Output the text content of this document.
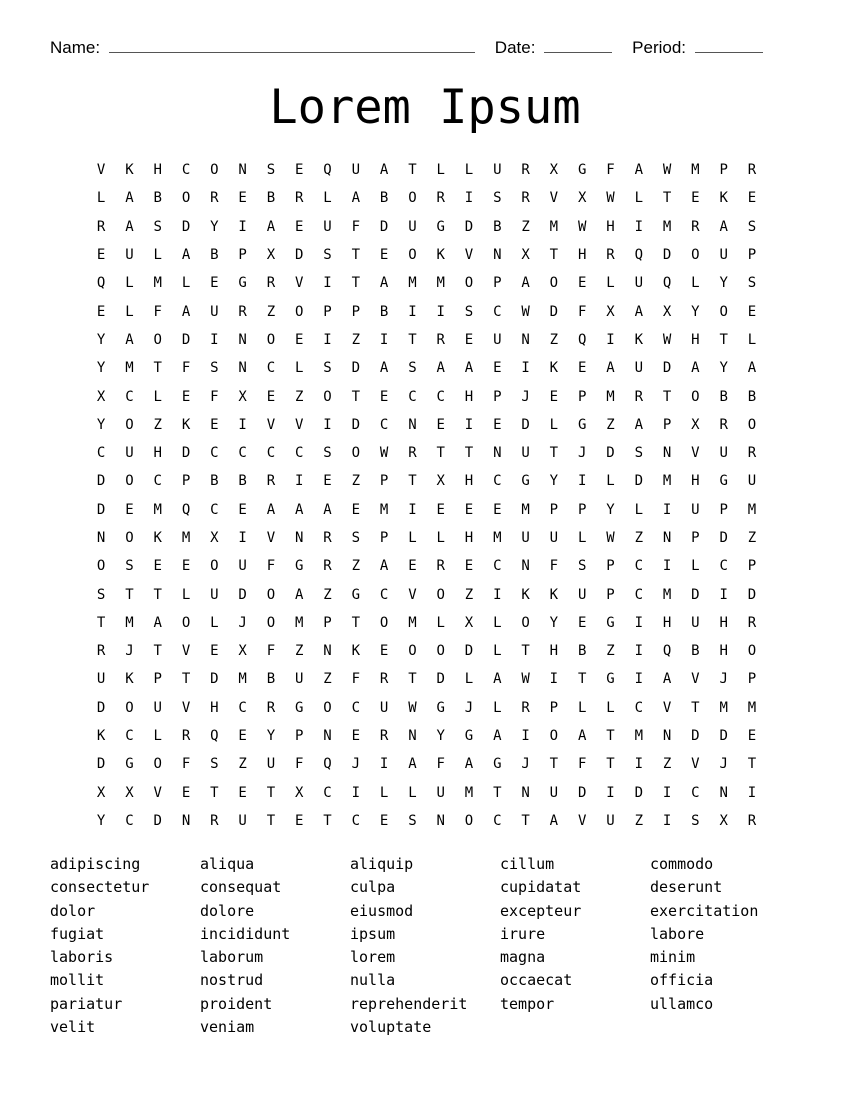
Name:	Date:	Period:
Lorem Ipsum
V	K	H	C	O	N	S	E	Q	U	A	T	L	L	U	R	X	G	F	A	W	M	P	R
L	A	B	O	R	E	B	R	L	A	B	O	R	I	S	R	V	X	W	L	T	E	K	E
R	A	S	D	Y	I	A	E	U	F	D	U	G	D	B	Z	M	W	H	I	M	R	A	S
E	U	L	A	B	P	X	D	S	T	E	O	K	V	N	X	T	H	R	Q	D	O	U	P
Q	L	M	L	E	G	R	V	I	T	A	M	M	O	P	A	O	E	L	U	Q	L	Y	S
E	L	F	A	U	R	Z	O	P	P	B	I	I	S	C	W	D	F	X	A	X	Y	O	E
Y	A	O	D	I	N	O	E	I	Z	I	T	R	E	U	N	Z	Q	I	K	W	H	T	L
Y	M	T	F	S	N	C	L	S	D	A	S	A	A	E	I	K	E	A	U	D	A	Y	A
X	C	L	E	F	X	E	Z	O	T	E	C	C	H	P	J	E	P	M	R	T	O	B	B
Y	O	Z	K	E	I	V	V	I	D	C	N	E	I	E	D	L	G	Z	A	P	X	R	O
C	U	H	D	C	C	C	C	S	O	W	R	T	T	N	U	T	J	D	S	N	V	U	R
D	O	C	P	B	B	R	I	E	Z	P	T	X	H	C	G	Y	I	L	D	M	H	G	U
D	E	M	Q	C	E	A	A	A	E	M	I	E	E	E	M	P	P	Y	L	I	U	P	M
N	O	K	M	X	I	V	N	R	S	P	L	L	H	M	U	U	L	W	Z	N	P	D	Z
O	S	E	E	O	U	F	G	R	Z	A	E	R	E	C	N	F	S	P	C	I	L	C	P
S	T	T	L	U	D	O	A	Z	G	C	V	O	Z	I	K	K	U	P	C	M	D	I	D
T	M	A	O	L	J	O	M	P	T	O	M	L	X	L	O	Y	E	G	I	H	U	H	R
R	J	T	V	E	X	F	Z	N	K	E	O	O	D	L	T	H	B	Z	I	Q	B	H	O
U	K	P	T	D	M	B	U	Z	F	R	T	D	L	A	W	I	T	G	I	A	V	J	P
D	O	U	V	H	C	R	G	O	C	U	W	G	J	L	R	P	L	L	C	V	T	M	M
K	C	L	R	Q	E	Y	P	N	E	R	N	Y	G	A	I	O	A	T	M	N	D	D	E
D	G	O	F	S	Z	U	F	Q	J	I	A	F	A	G	J	T	F	T	I	Z	V	J	T
X	X	V	E	T	E	T	X	C	I	L	L	U	M	T	N	U	D	I	D	I	C	N	I
Y	C	D	N	R	U	T	E	T	C	E	S	N	O	C	T	A	V	U	Z	I	S	X	R
adipiscing	aliqua	aliquip	cillum	commodo
consectetur	consequat	culpa	cupidatat	deserunt
dolor	dolore	eiusmod	excepteur	exercitation
fugiat	incididunt	ipsum	irure	labore
laboris	laborum	lorem	magna	minim
mollit	nostrud	nulla	occaecat	officia
pariatur	proident	reprehenderit	tempor	ullamco
velit	veniam	voluptate
